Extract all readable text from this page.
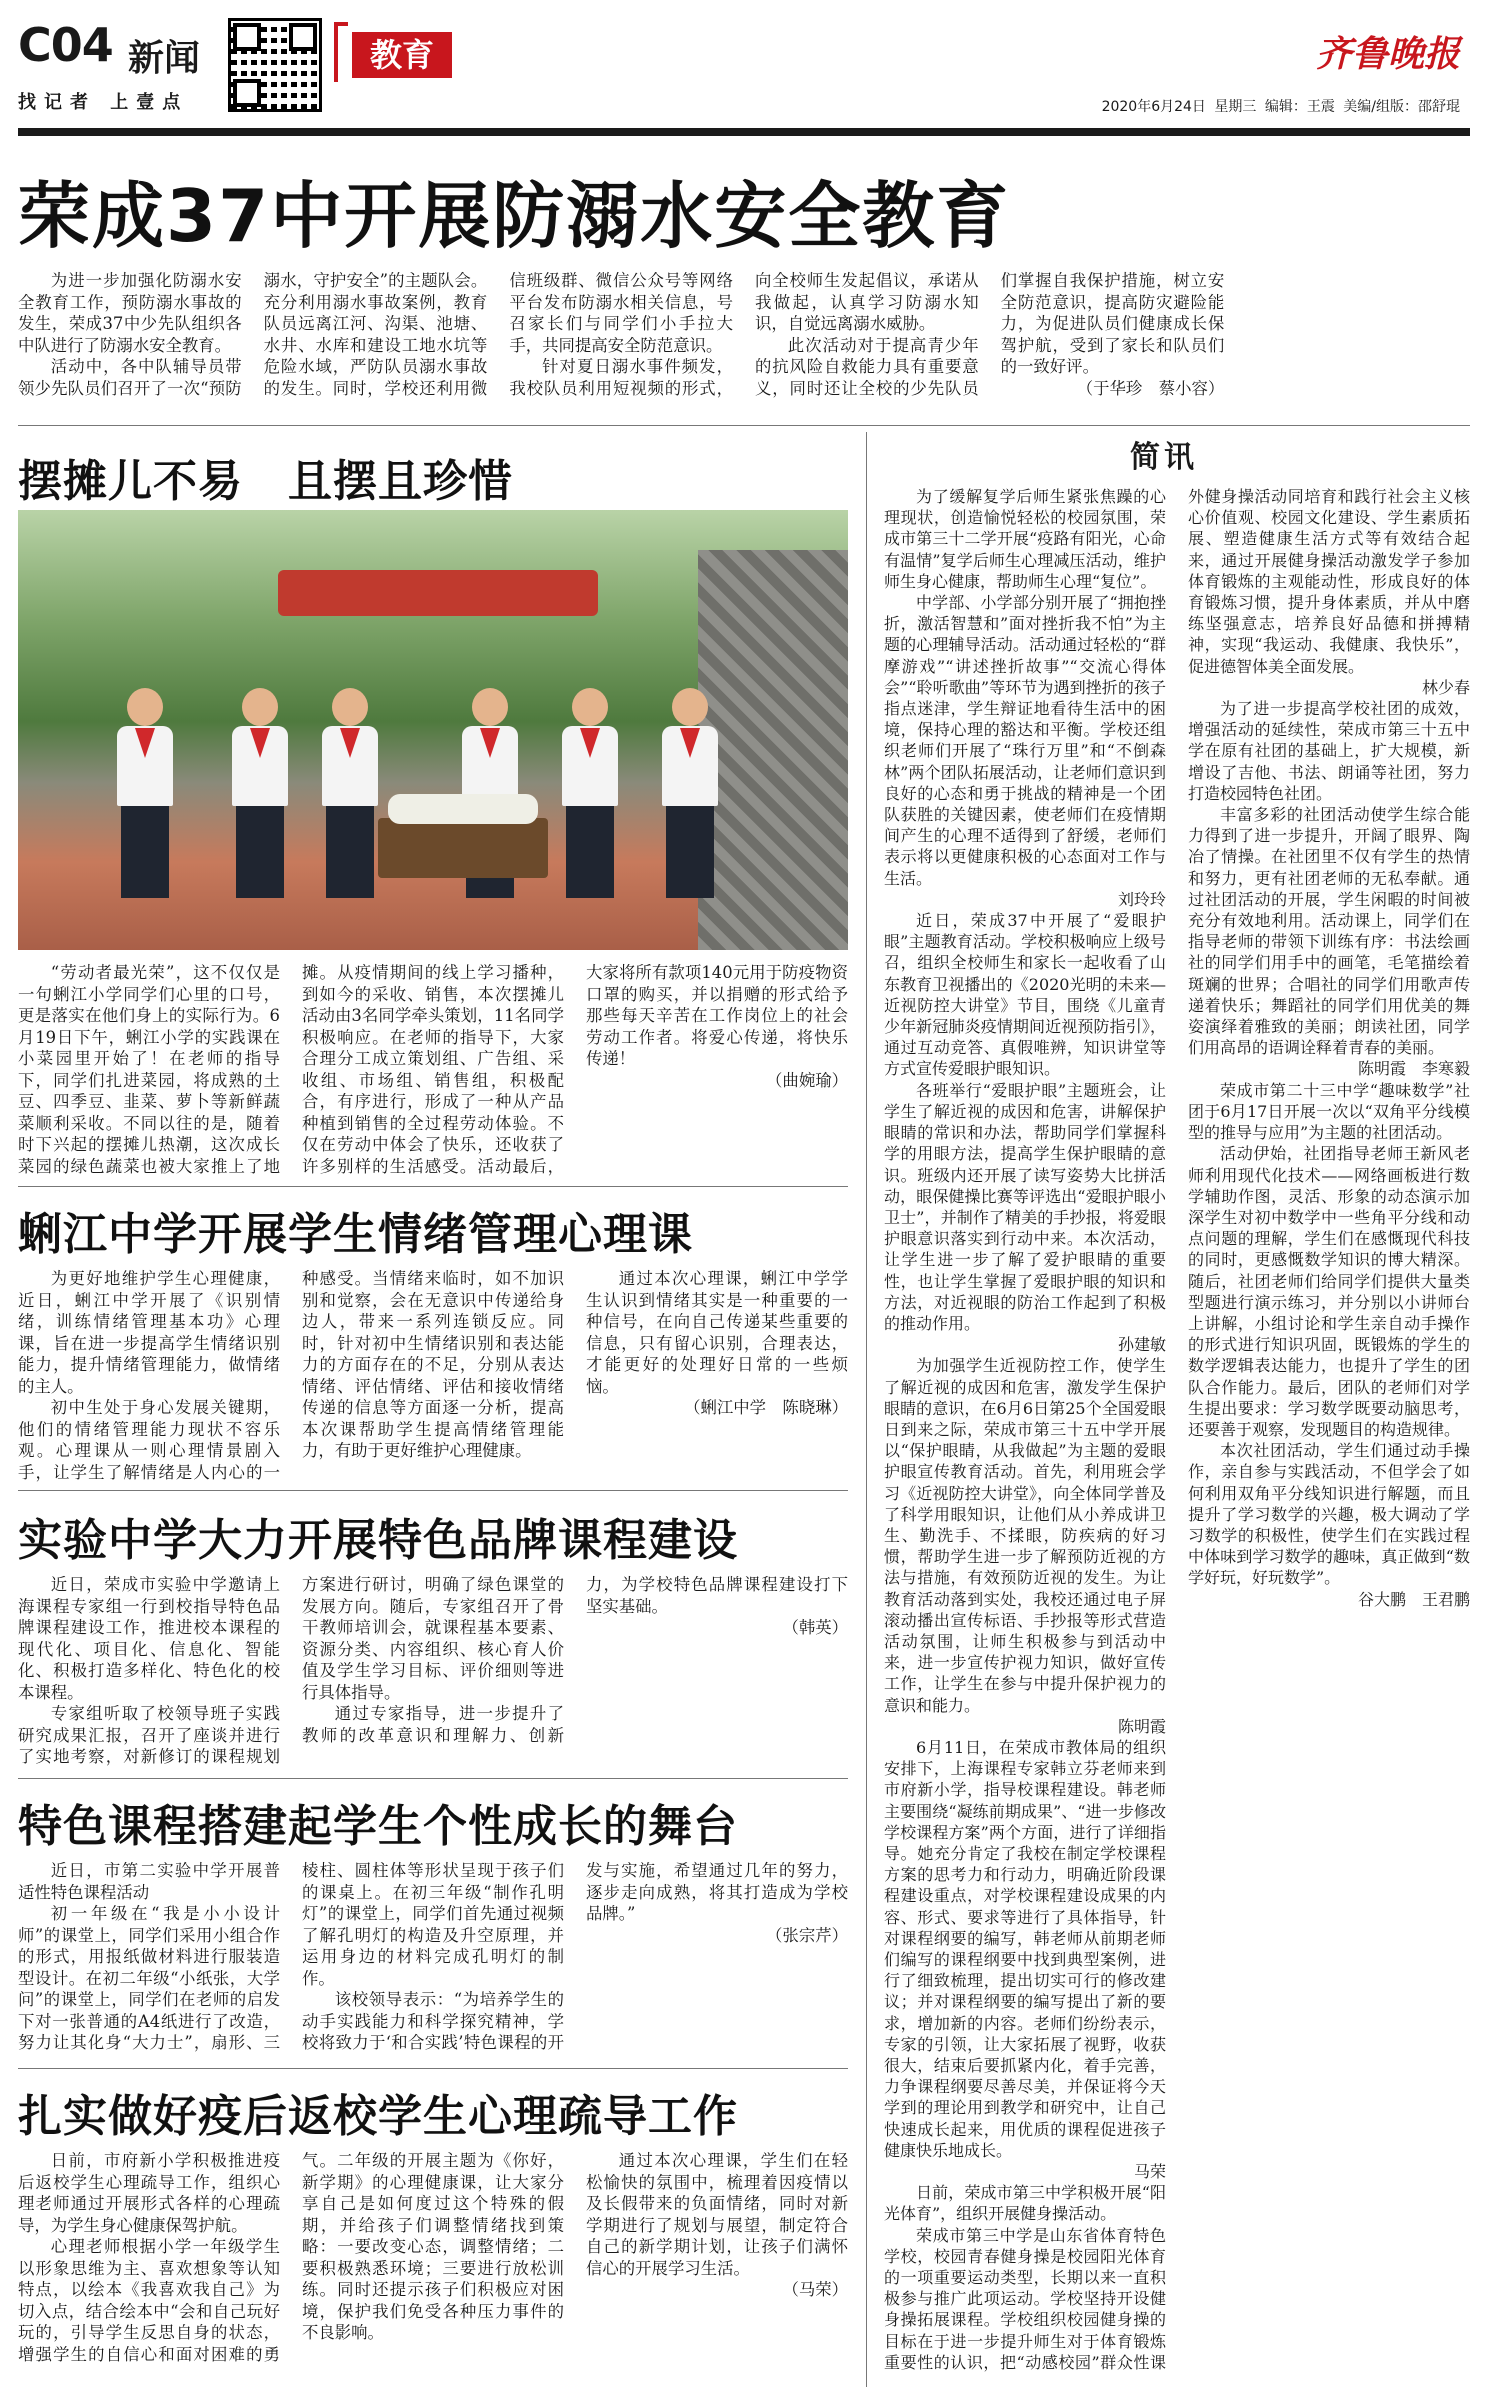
C04 新闻
找记者 上壹点
教育	齐鲁晚报
2020年6月24日 星期三 编辑：王震 美编/组版：邵舒琨
荣成37中开展防溺水安全教育

为进一步加强化防溺水安全教育工作，预防溺水事故的发生，荣成37中少先队组织各中队进行了防溺水安全教育。

活动中，各中队辅导员带领少先队员们召开了一次“预防溺水，守护安全”的主题队会。充分利用溺水事故案例，教育队员远离江河、沟渠、池塘、水井、水库和建设工地水坑等危险水域，严防队员溺水事故的发生。同时，学校还利用微信班级群、微信公众号等网络平台发布防溺水相关信息，号召家长们与同学们小手拉大手，共同提高安全防范意识。

针对夏日溺水事件频发，我校队员利用短视频的形式，向全校师生发起倡议，承诺从我做起，认真学习防溺水知识，自觉远离溺水威胁。

此次活动对于提高青少年的抗风险自救能力具有重要意义，同时还让全校的少先队员们掌握自我保护措施，树立安全防范意识，提高防灾避险能力，为促进队员们健康成长保驾护航，受到了家长和队员们的一致好评。

（于华珍　蔡小容）

摆摊儿不易　且摆且珍惜

“劳动者最光荣”，这不仅仅是一句蜊江小学同学们心里的口号，更是落实在他们身上的实际行为。6月19日下午，蜊江小学的实践课在小菜园里开始了！在老师的指导下，同学们扎进菜园，将成熟的土豆、四季豆、韭菜、萝卜等新鲜蔬菜顺利采收。不同以往的是，随着时下兴起的摆摊儿热潮，这次成长菜园的绿色蔬菜也被大家推上了地摊。从疫情期间的线上学习播种，到如今的采收、销售，本次摆摊儿活动由3名同学牵头策划，11名同学积极响应。在老师的指导下，大家合理分工成立策划组、广告组、采收组、市场组、销售组，积极配合，有序进行，形成了一种从产品种植到销售的全过程劳动体验。不仅在劳动中体会了快乐，还收获了许多别样的生活感受。活动最后，大家将所有款项140元用于防疫物资口罩的购买，并以捐赠的形式给予那些每天辛苦在工作岗位上的社会劳动工作者。将爱心传递，将快乐传递！

（曲婉瑜）

蜊江中学开展学生情绪管理心理课

为更好地维护学生心理健康，近日，蜊江中学开展了《识别情绪，训练情绪管理基本功》心理课，旨在进一步提高学生情绪识别能力，提升情绪管理能力，做情绪的主人。

初中生处于身心发展关键期，他们的情绪管理能力现状不容乐观。心理课从一则心理情景剧入手，让学生了解情绪是人内心的一种感受。当情绪来临时，如不加识别和觉察，会在无意识中传递给身边人，带来一系列连锁反应。同时，针对初中生情绪识别和表达能力的方面存在的不足，分别从表达情绪、评估情绪、评估和接收情绪传递的信息等方面逐一分析，提高本次课帮助学生提高情绪管理能力，有助于更好维护心理健康。

通过本次心理课，蜊江中学学生认识到情绪其实是一种重要的一种信号，在向自己传递某些重要的信息，只有留心识别，合理表达，才能更好的处理好日常的一些烦恼。

（蜊江中学　陈晓琳）

实验中学大力开展特色品牌课程建设

近日，荣成市实验中学邀请上海课程专家组一行到校指导特色品牌课程建设工作，推进校本课程的现代化、项目化、信息化、智能化、积极打造多样化、特色化的校本课程。

专家组听取了校领导班子实践研究成果汇报，召开了座谈并进行了实地考察，对新修订的课程规划方案进行研讨，明确了绿色课堂的发展方向。随后，专家组召开了骨干教师培训会，就课程基本要素、资源分类、内容组织、核心育人价值及学生学习目标、评价细则等进行具体指导。

通过专家指导，进一步提升了教师的改革意识和理解力、创新力，为学校特色品牌课程建设打下坚实基础。

（韩英）

特色课程搭建起学生个性成长的舞台

近日，市第二实验中学开展普适性特色课程活动

初一年级在“我是小小设计师”的课堂上，同学们采用小组合作的形式，用报纸做材料进行服装造型设计。在初二年级“小纸张，大学问”的课堂上，同学们在老师的启发下对一张普通的A4纸进行了改造，努力让其化身“大力士”，扇形、三棱柱、圆柱体等形状呈现于孩子们的课桌上。在初三年级“制作孔明灯”的课堂上，同学们首先通过视频了解孔明灯的构造及升空原理，并运用身边的材料完成孔明灯的制作。

该校领导表示：“为培养学生的动手实践能力和科学探究精神，学校将致力于‘和合实践’特色课程的开发与实施，希望通过几年的努力，逐步走向成熟，将其打造成为学校品牌。”

（张宗芹）

扎实做好疫后返校学生心理疏导工作

日前，市府新小学积极推进疫后返校学生心理疏导工作，组织心理老师通过开展形式各样的心理疏导，为学生身心健康保驾护航。

心理老师根据小学一年级学生以形象思维为主、喜欢想象等认知特点，以绘本《我喜欢我自己》为切入点，结合绘本中“会和自己玩好玩的，引导学生反思自身的状态，增强学生的自信心和面对困难的勇气。二年级的开展主题为《你好，新学期》的心理健康课，让大家分享自己是如何度过这个特殊的假期，并给孩子们调整情绪找到策略：一要改变心态，调整情绪；二要积极熟悉环境；三要进行放松训练。同时还提示孩子们积极应对困境，保护我们免受各种压力事件的不良影响。

通过本次心理课，学生们在轻松愉快的氛围中，梳理着因疫情以及长假带来的负面情绪，同时对新学期进行了规划与展望，制定符合自己的新学期计划，让孩子们满怀信心的开展学习生活。

（马荣）

简讯

为了缓解复学后师生紧张焦躁的心理现状，创造愉悦轻松的校园氛围，荣成市第三十二学开展“疫路有阳光，心命有温情”复学后师生心理减压活动，维护师生身心健康，帮助师生心理“复位”。

中学部、小学部分别开展了“拥抱挫折，激活智慧和”面对挫折我不怕”为主题的心理辅导活动。活动通过轻松的“群摩游戏”“讲述挫折故事”“交流心得体会”“聆听歌曲”等环节为遇到挫折的孩子指点迷津，学生辩证地看待生活中的困境，保持心理的豁达和平衡。学校还组织老师们开展了“珠行万里”和“不倒森林”两个团队拓展活动，让老师们意识到良好的心态和勇于挑战的精神是一个团队获胜的关键因素，使老师们在疫情期间产生的心理不适得到了舒缓，老师们表示将以更健康积极的心态面对工作与生活。

刘玲玲

近日，荣成37中开展了“爱眼护眼”主题教育活动。学校积极响应上级号召，组织全校师生和家长一起收看了山东教育卫视播出的《2020光明的未来—近视防控大讲堂》节目，围绕《儿童青少年新冠肺炎疫情期间近视预防指引》，通过互动竞答、真假唯辨，知识讲堂等方式宣传爱眼护眼知识。

各班举行“爱眼护眼”主题班会，让学生了解近视的成因和危害，讲解保护眼睛的常识和办法，帮助同学们掌握科学的用眼方法，提高学生保护眼睛的意识。班级内还开展了读写姿势大比拼活动，眼保健操比赛等评选出“爱眼护眼小卫士”，并制作了精美的手抄报，将爱眼护眼意识落实到行动中来。本次活动，让学生进一步了解了爱护眼睛的重要性，也让学生掌握了爱眼护眼的知识和方法，对近视眼的防治工作起到了积极的推动作用。

孙建敏

为加强学生近视防控工作，使学生了解近视的成因和危害，激发学生保护眼睛的意识，在6月6日第25个全国爱眼日到来之际，荣成市第三十五中学开展以“保护眼睛，从我做起”为主题的爱眼护眼宣传教育活动。首先，利用班会学习《近视防控大讲堂》，向全体同学普及了科学用眼知识，让他们从小养成讲卫生、勤洗手、不揉眼，防疾病的好习惯，帮助学生进一步了解预防近视的方法与措施，有效预防近视的发生。为让教育活动落到实处，我校还通过电子屏滚动播出宣传标语、手抄报等形式营造活动氛围，让师生积极参与到活动中来，进一步宣传护视力知识，做好宣传工作，让学生在参与中提升保护视力的意识和能力。

陈明霞

6月11日，在荣成市教体局的组织安排下，上海课程专家韩立芬老师来到市府新小学，指导校课程建设。韩老师主要围绕“凝练前期成果”、“进一步修改学校课程方案”两个方面，进行了详细指导。她充分肯定了我校在制定学校课程方案的思考力和行动力，明确近阶段课程建设重点，对学校课程建设成果的内容、形式、要求等进行了具体指导，针对课程纲要的编写，韩老师从前期老师们编写的课程纲要中找到典型案例，进行了细致梳理，提出切实可行的修改建议；并对课程纲要的编写提出了新的要求，增加新的内容。老师们纷纷表示，专家的引领，让大家拓展了视野，收获很大，结束后要抓紧内化，着手完善，力争课程纲要尽善尽美，并保证将今天学到的理论用到教学和研究中，让自己快速成长起来，用优质的课程促进孩子健康快乐地成长。

马荣

日前，荣成市第三中学积极开展“阳光体育”，组织开展健身操活动。

荣成市第三中学是山东省体育特色学校，校园青春健身操是校园阳光体育的一项重要运动类型，长期以来一直积极参与推广此项运动。学校坚持开设健身操拓展课程。学校组织校园健身操的目标在于进一步提升师生对于体育锻炼重要性的认识，把“动感校园”群众性课外健身操活动同培育和践行社会主义核心价值观、校园文化建设、学生素质拓展、塑造健康生活方式等有效结合起来，通过开展健身操活动激发学子参加体育锻炼的主观能动性，形成良好的体育锻炼习惯，提升身体素质，并从中磨练坚强意志，培养良好品德和拼搏精神，实现“我运动、我健康、我快乐”，促进德智体美全面发展。

林少春

为了进一步提高学校社团的成效，增强活动的延续性，荣成市第三十五中学在原有社团的基础上，扩大规模，新增设了吉他、书法、朗诵等社团，努力打造校园特色社团。

丰富多彩的社团活动使学生综合能力得到了进一步提升，开阔了眼界、陶冶了情操。在社团里不仅有学生的热情和努力，更有社团老师的无私奉献。通过社团活动的开展，学生闲暇的时间被充分有效地利用。活动课上，同学们在指导老师的带领下训练有序：书法绘画社的同学们用手中的画笔，毛笔描绘着斑斓的世界；合唱社的同学们用歌声传递着快乐；舞蹈社的同学们用优美的舞姿演绎着雅致的美丽；朗读社团，同学们用高昂的语调诠释着青春的美丽。

陈明霞　李寒毅

荣成市第二十三中学“趣味数学”社团于6月17日开展一次以“双角平分线模型的推导与应用”为主题的社团活动。

活动伊始，社团指导老师王新风老师利用现代化技术——网络画板进行数学辅助作图，灵活、形象的动态演示加深学生对初中数学中一些角平分线和动点问题的理解，学生们在感慨现代科技的同时，更感慨数学知识的博大精深。随后，社团老师们给同学们提供大量类型题进行演示练习，并分别以小讲师台上讲解，小组讨论和学生亲自动手操作的形式进行知识巩固，既锻炼的学生的数学逻辑表达能力，也提升了学生的团队合作能力。最后，团队的老师们对学生提出要求：学习数学既要动脑思考，还要善于观察，发现题目的构造规律。

本次社团活动，学生们通过动手操作，亲自参与实践活动，不但学会了如何利用双角平分线知识进行解题，而且提升了学习数学的兴趣，极大调动了学习数学的积极性，使学生们在实践过程中体味到学习数学的趣味，真正做到“数学好玩，好玩数学”。

谷大鹏　王君鹏
